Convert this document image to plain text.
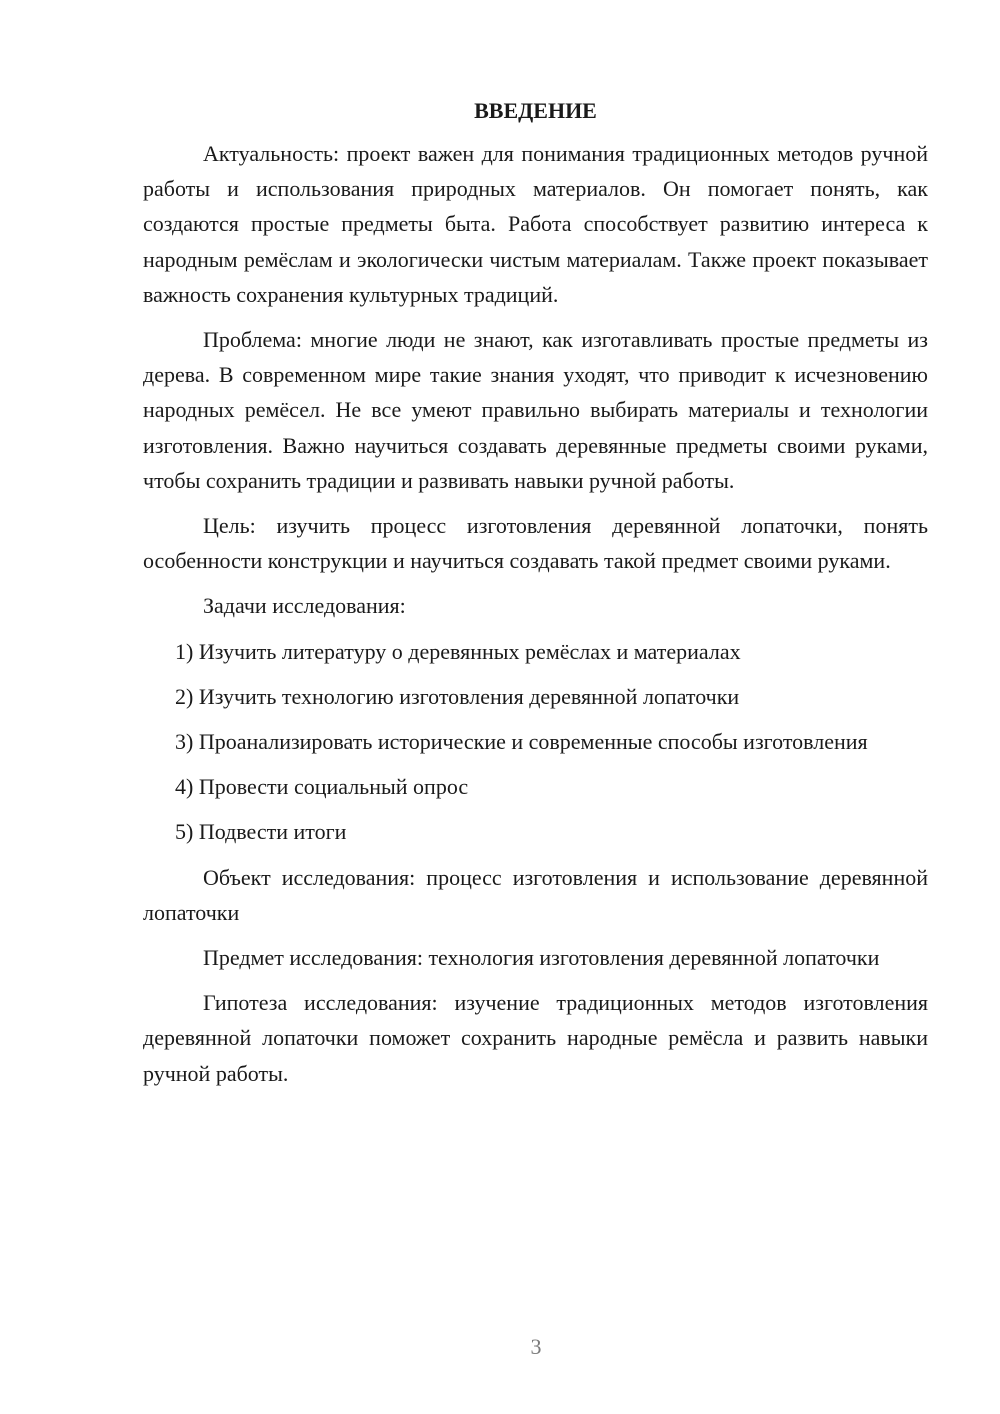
ВВЕДЕНИЕ

Актуальность: проект важен для понимания традиционных методов ручной работы и использования природных материалов. Он помогает понять, как создаются простые предметы быта. Работа способствует развитию интереса к народным ремёслам и экологически чистым материалам. Также проект показывает важность сохранения культурных традиций.

Проблема: многие люди не знают, как изготавливать простые предметы из дерева. В современном мире такие знания уходят, что приводит к исчезновению народных ремёсел. Не все умеют правильно выбирать материалы и технологии изготовления. Важно научиться создавать деревянные предметы своими руками, чтобы сохранить традиции и развивать навыки ручной работы.

Цель: изучить процесс изготовления деревянной лопаточки, понять особенности конструкции и научиться создавать такой предмет своими руками.

Задачи исследования:

1) Изучить литературу о деревянных ремёслах и материалах

2) Изучить технологию изготовления деревянной лопаточки

3) Проанализировать исторические и современные способы изготовления

4) Провести социальный опрос

5) Подвести итоги

Объект исследования: процесс изготовления и использование деревянной лопаточки

Предмет исследования: технология изготовления деревянной лопаточки

Гипотеза исследования: изучение традиционных методов изготовления деревянной лопаточки поможет сохранить народные ремёсла и развить навыки ручной работы.

3
